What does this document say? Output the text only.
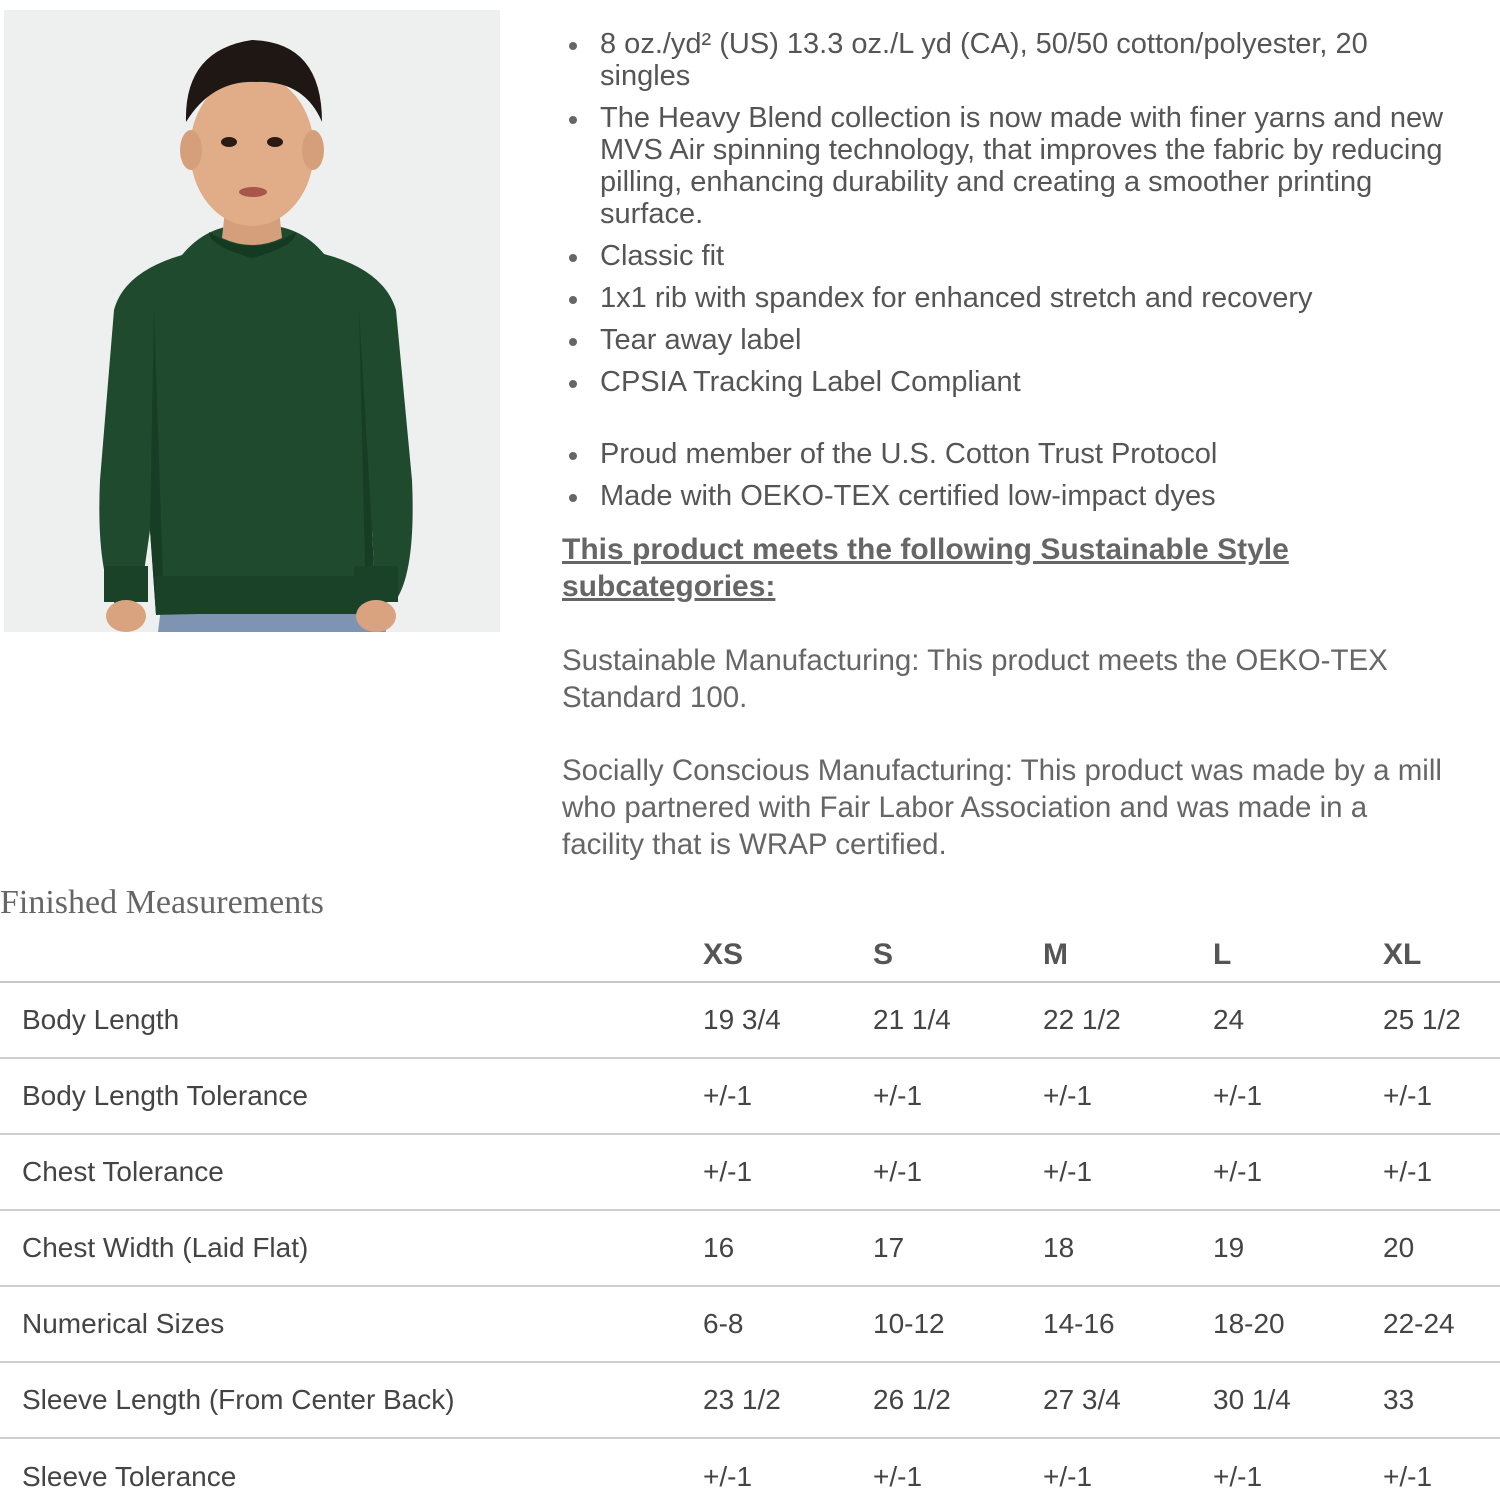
8 oz./yd² (US) 13.3 oz./L yd (CA), 50/50 cotton/polyester, 20 singles
The Heavy Blend collection is now made with finer yarns and new MVS Air spinning technology, that improves the fabric by reducing pilling, enhancing durability and creating a smoother printing surface.
Classic fit
1x1 rib with spandex for enhanced stretch and recovery
Tear away label
CPSIA Tracking Label Compliant
Proud member of the U.S. Cotton Trust Protocol
Made with OEKO-TEX certified low-impact dyes
This product meets the following Sustainable Style subcategories:

Sustainable Manufacturing: This product meets the OEKO-TEX Standard 100.

Socially Conscious Manufacturing: This product was made by a mill who partnered with Fair Labor Association and was made in a facility that is WRAP certified.

Finished Measurements
	XS	S	M	L	XL
Body Length	19 3/4	21 1/4	22 1/2	24	25 1/2
Body Length Tolerance	+/-1	+/-1	+/-1	+/-1	+/-1
Chest Tolerance	+/-1	+/-1	+/-1	+/-1	+/-1
Chest Width (Laid Flat)	16	17	18	19	20
Numerical Sizes	6-8	10-12	14-16	18-20	22-24
Sleeve Length (From Center Back)	23 1/2	26 1/2	27 3/4	30 1/4	33
Sleeve Tolerance	+/-1	+/-1	+/-1	+/-1	+/-1
